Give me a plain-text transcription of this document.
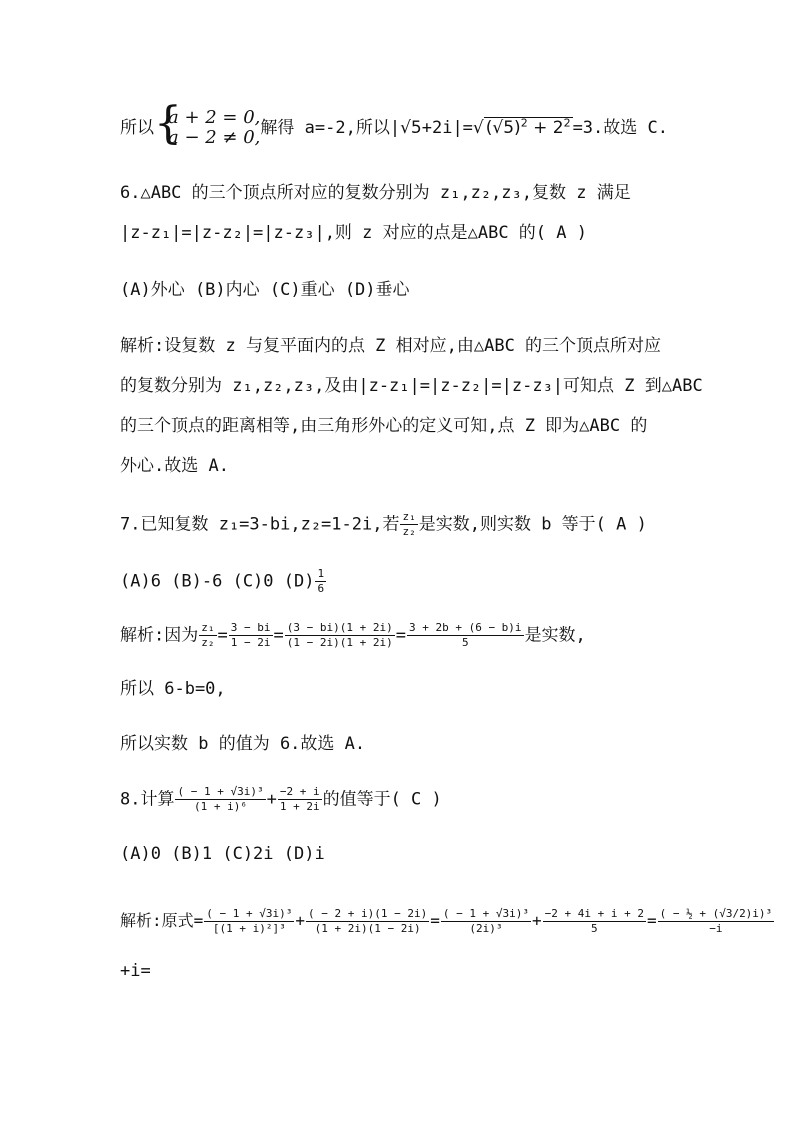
所以 {
a + 2 = 0,
a − 2 ≠ 0, 解得 a=-2,所以|√5+2i|=√ $(√5)^2 + 2^2 =3$.故选 C.
6.△ABC 的三个顶点所对应的复数分别为 z₁,z₂,z₃,复数 z 满足
|z-z₁|=|z-z₂|=|z-z₃|,则 z 对应的点是△ABC 的( A )
(A)外心 (B)内心 (C)重心 (D)垂心
解析:设复数 z 与复平面内的点 Z 相对应,由△ABC 的三个顶点所对应
的复数分别为 z₁,z₂,z₃,及由|z-z₁|=|z-z₂|=|z-z₃|可知点 Z 到△ABC
的三个顶点的距离相等,由三角形外心的定义可知,点 Z 即为△ABC 的
外心.故选 A.
7.已知复数 z₁=3-bi,z₂=1-2i,若 $\frac{\text{z₁}}{\text{z₂}}$ 是实数,则实数 b 等于( A )
(A)6 (B)-6 (C)0 $(D) \frac{1}{6}$
解析:因为 $\frac{\text{z₁}}{\text{z₂}} = \frac{3 - bi}{1 - 2i} = \frac{(3 - bi)(1 + 2i)}{(1 - 2i)(1 + 2i)} = \frac{3 + 2b + (6 - b)i}{5}$ 是实数,
所以 6-b=0,
所以实数 b 的值为 6.故选 A.
8.计算 $\frac{\text{( − 1 + √3i)³}}{\text{(1 + i)⁶}} + \frac{-2 + i}{1 + 2i}$ 的值等于( C )
(A)0 (B)1 (C)2i (D)i
解析:原式= $\frac{\text{( − 1 + √3i)³}}{\text{[(1 + i)²]³}} + \frac{( - 2 + i)(1 - 2i)}{(1 + 2i)(1 - 2i)} = \frac{\text{( − 1 + √3i)³}}{\text{(2i)³}} + \frac{-2 + 4i + i + 2}{5} = \frac{\text{( − ½ + (√3/2)i)³}}{-i}$
+i=
